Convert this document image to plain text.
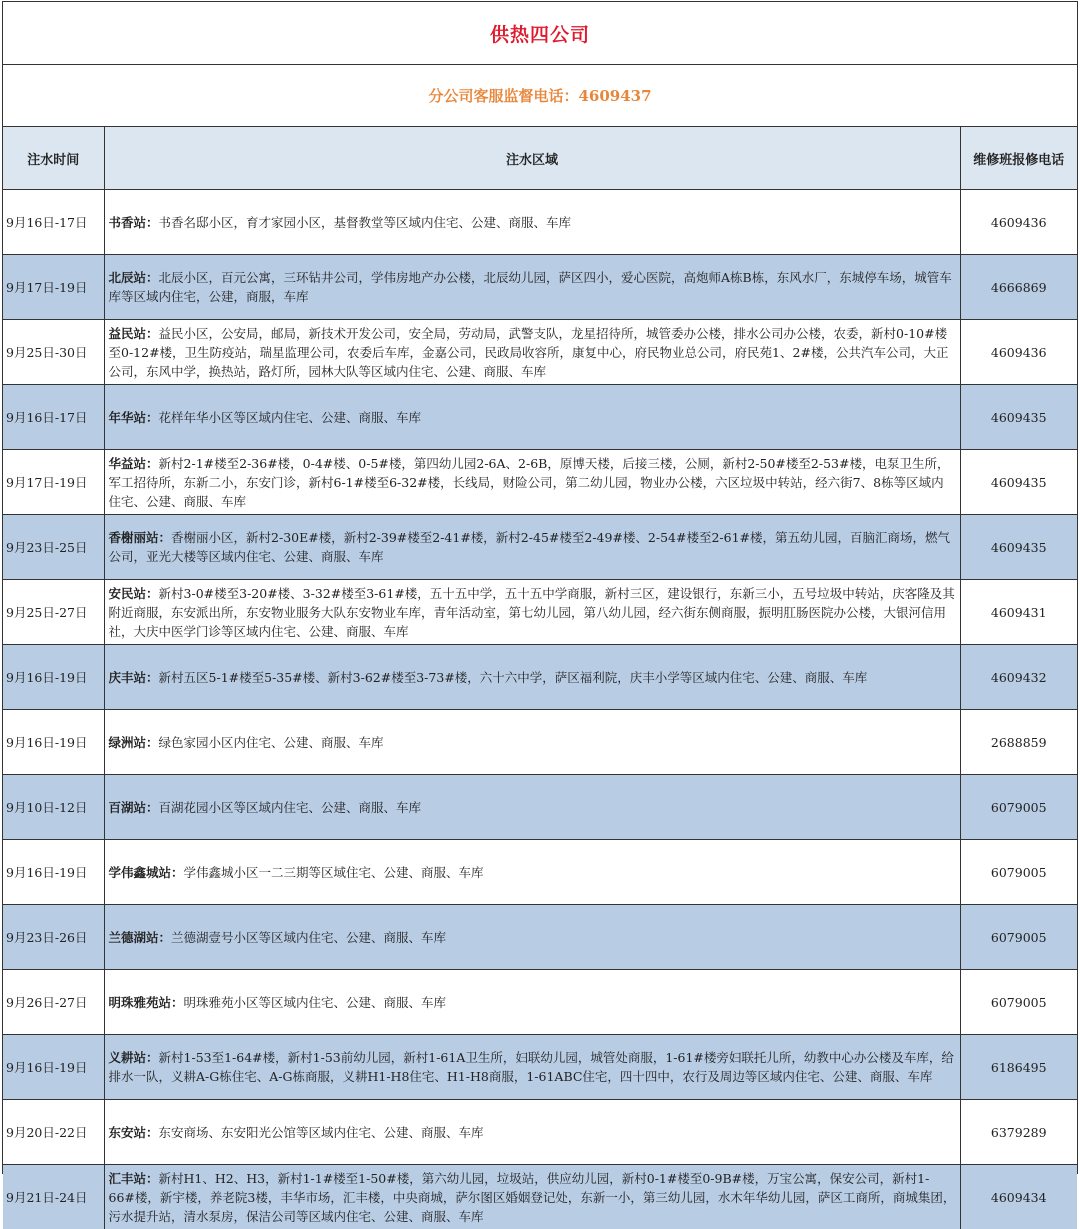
供热四公司
分公司客服监督电话：4609437
注水时间	注水区域	维修班报修电话
9月16日-17日	书香站：书香名邸小区，育才家园小区，基督教堂等区域内住宅、公建、商服、车库	4609436
9月17日-19日	北辰站：北辰小区，百元公寓，三环钻井公司，学伟房地产办公楼，北辰幼儿园，萨区四小，爱心医院，高炮师A栋B栋，东风水厂，东城停车场，城管车库等区域内住宅，公建，商服，车库	4666869
9月25日-30日	益民站：益民小区，公安局，邮局，新技术开发公司，安全局，劳动局，武警支队，龙星招待所，城管委办公楼，排水公司办公楼，农委，新村0-10#楼至0-12#楼，卫生防疫站，瑞星监理公司，农委后车库，金嘉公司，民政局收容所，康复中心，府民物业总公司，府民苑1、2#楼，公共汽车公司，大正公司，东风中学，换热站，路灯所，园林大队等区域内住宅、公建、商服、车库	4609436
9月16日-17日	年华站：花样年华小区等区域内住宅、公建、商服、车库	4609435
9月17日-19日	华益站：新村2-1#楼至2-36#楼，0-4#楼、0-5#楼，第四幼儿园2-6A、2-6B，原博天楼，后接三楼，公厕，新村2-50#楼至2-53#楼，电泵卫生所，军工招待所，东新二小，东安门诊，新村6-1#楼至6-32#楼，长线局，财险公司，第二幼儿园，物业办公楼，六区垃圾中转站，经六街7、8栋等区域内住宅、公建、商服、车库	4609435
9月23日-25日	香榭丽站：香榭丽小区，新村2-30E#楼，新村2-39#楼至2-41#楼，新村2-45#楼至2-49#楼、2-54#楼至2-61#楼，第五幼儿园，百脑汇商场，燃气公司，亚光大楼等区域内住宅、公建、商服、车库	4609435
9月25日-27日	安民站：新村3-0#楼至3-20#楼、3-32#楼至3-61#楼，五十五中学，五十五中学商服，新村三区，建设银行，东新三小，五号垃圾中转站，庆客隆及其附近商服，东安派出所，东安物业服务大队东安物业车库，青年活动室，第七幼儿园，第八幼儿园，经六街东侧商服，振明肛肠医院办公楼，大银河信用社，大庆中医学门诊等区域内住宅、公建、商服、车库	4609431
9月16日-19日	庆丰站：新村五区5-1#楼至5-35#楼、新村3-62#楼至3-73#楼，六十六中学，萨区福利院，庆丰小学等区域内住宅、公建、商服、车库	4609432
9月16日-19日	绿洲站：绿色家园小区内住宅、公建、商服、车库	2688859
9月10日-12日	百湖站：百湖花园小区等区域内住宅、公建、商服、车库	6079005
9月16日-19日	学伟鑫城站：学伟鑫城小区一二三期等区域住宅、公建、商服、车库	6079005
9月23日-26日	兰德湖站：兰德湖壹号小区等区域内住宅、公建、商服、车库	6079005
9月26日-27日	明珠雅苑站：明珠雅苑小区等区域内住宅、公建、商服、车库	6079005
9月16日-19日	义耕站：新村1-53至1-64#楼，新村1-53前幼儿园，新村1-61A卫生所，妇联幼儿园，城管处商服，1-61#楼旁妇联托儿所，幼教中心办公楼及车库，给排水一队，义耕A-G栋住宅、A-G栋商服，义耕H1-H8住宅、H1-H8商服，1-61ABC住宅，四十四中，农行及周边等区域内住宅、公建、商服、车库	6186495
9月20日-22日	东安站：东安商场、东安阳光公馆等区域内住宅、公建、商服、车库	6379289
9月21日-24日	汇丰站：新村H1、H2、H3，新村1-1#楼至1-50#楼，第六幼儿园，垃圾站，供应幼儿园，新村0-1#楼至0-9B#楼，万宝公寓，保安公司，新村1-66#楼，新宇楼，养老院3楼，丰华市场，汇丰楼，中央商城，萨尔图区婚姻登记处，东新一小，第三幼儿园，水木年华幼儿园，萨区工商所，商城集团，污水提升站，清水泵房，保洁公司等区域内住宅、公建、商服、车库	4609434
